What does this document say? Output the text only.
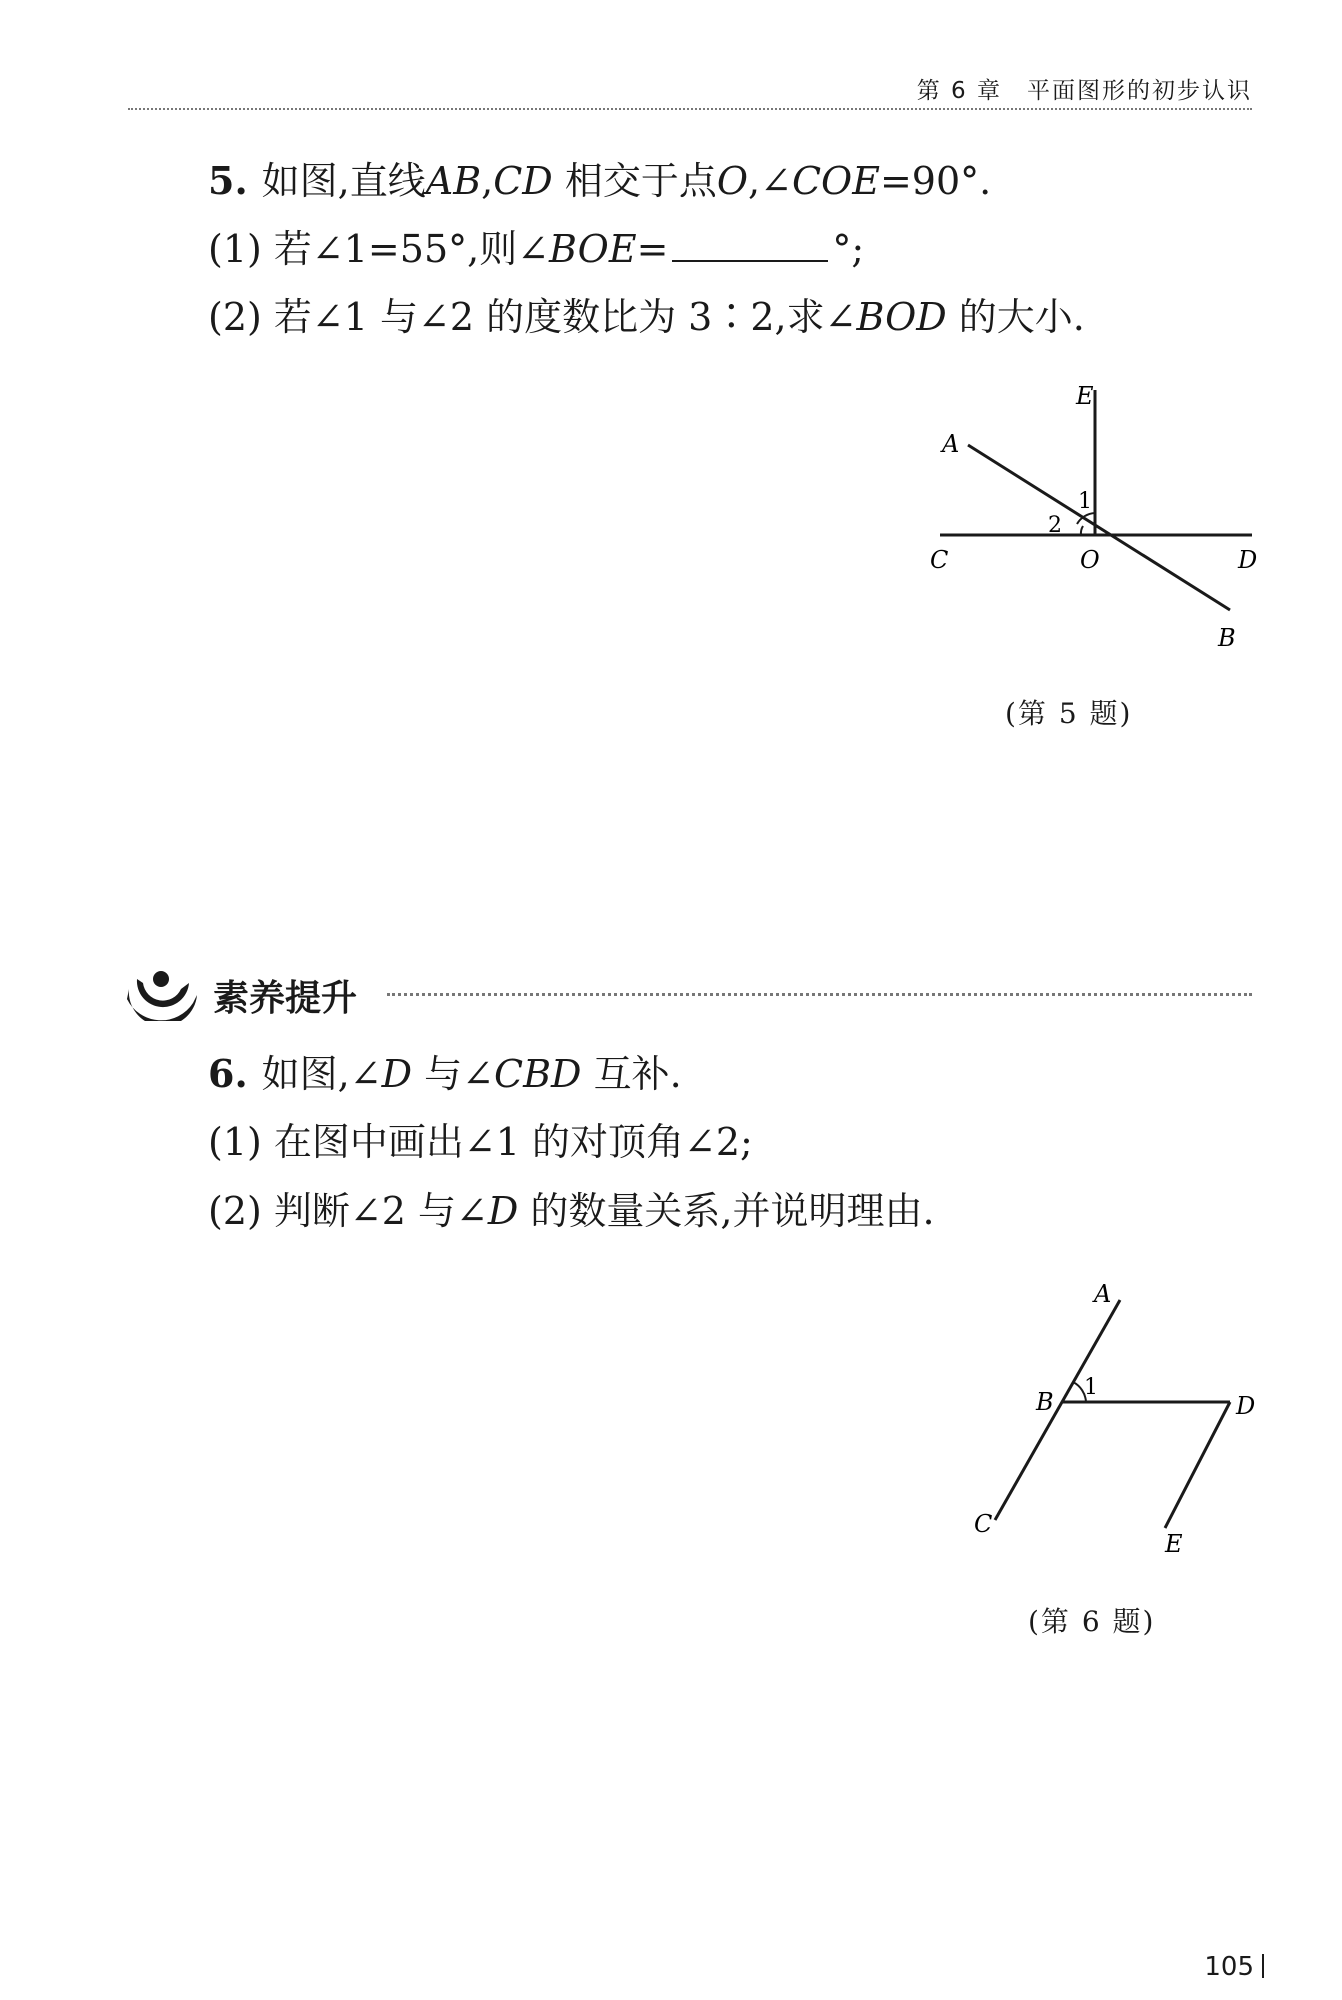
第 6 章　平面图形的初步认识
5. 如图,直线AB,CD 相交于点O,∠COE=90°.
(1) 若∠1=55°,则∠BOE=	°;
(2) 若∠1 与∠2 的度数比为 3∶2,求∠BOD 的大小.
A
E
C	O	D
B
1
2
(第 5 题)
素养提升
6. 如图,∠D 与∠CBD 互补.
(1) 在图中画出∠1 的对顶角∠2;
(2) 判断∠2 与∠D 的数量关系,并说明理由.
A
B
1
D
C
E
(第 6 题)
105
